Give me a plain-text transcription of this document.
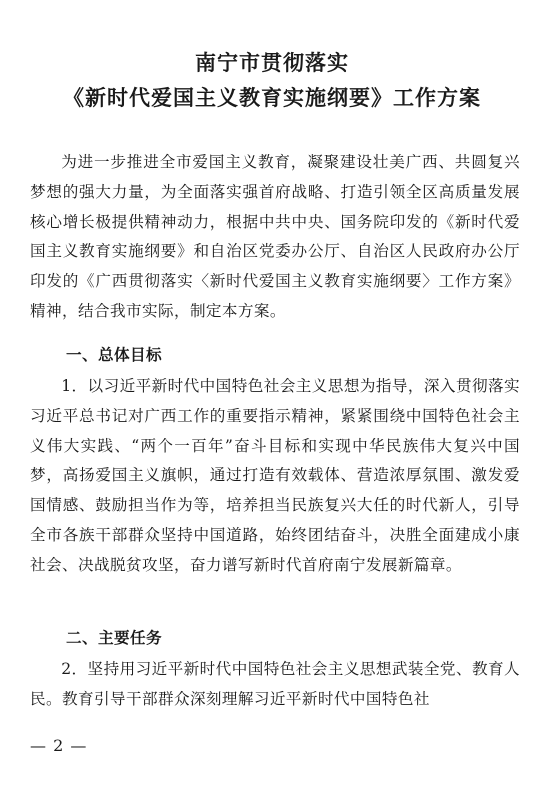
南宁市贯彻落实
《新时代爱国主义教育实施纲要》工作方案
为进一步推进全市爱国主义教育，凝聚建设壮美广西、共圆复兴梦想的强大力量，为全面落实强首府战略、打造引领全区高质量发展核心增长极提供精神动力，根据中共中央、国务院印发的《新时代爱国主义教育实施纲要》和自治区党委办公厅、自治区人民政府办公厅印发的《广西贯彻落实〈新时代爱国主义教育实施纲要〉工作方案》精神，结合我市实际，制定本方案。
一、总体目标
1．以习近平新时代中国特色社会主义思想为指导，深入贯彻落实习近平总书记对广西工作的重要指示精神，紧紧围绕中国特色社会主义伟大实践、“两个一百年”奋斗目标和实现中华民族伟大复兴中国梦，高扬爱国主义旗帜，通过打造有效载体、营造浓厚氛围、激发爱国情感、鼓励担当作为等，培养担当民族复兴大任的时代新人，引导全市各族干部群众坚持中国道路，始终团结奋斗，决胜全面建成小康社会、决战脱贫攻坚，奋力谱写新时代首府南宁发展新篇章。
二、主要任务
2．坚持用习近平新时代中国特色社会主义思想武装全党、教育人民。教育引导干部群众深刻理解习近平新时代中国特色社
— 2 —
